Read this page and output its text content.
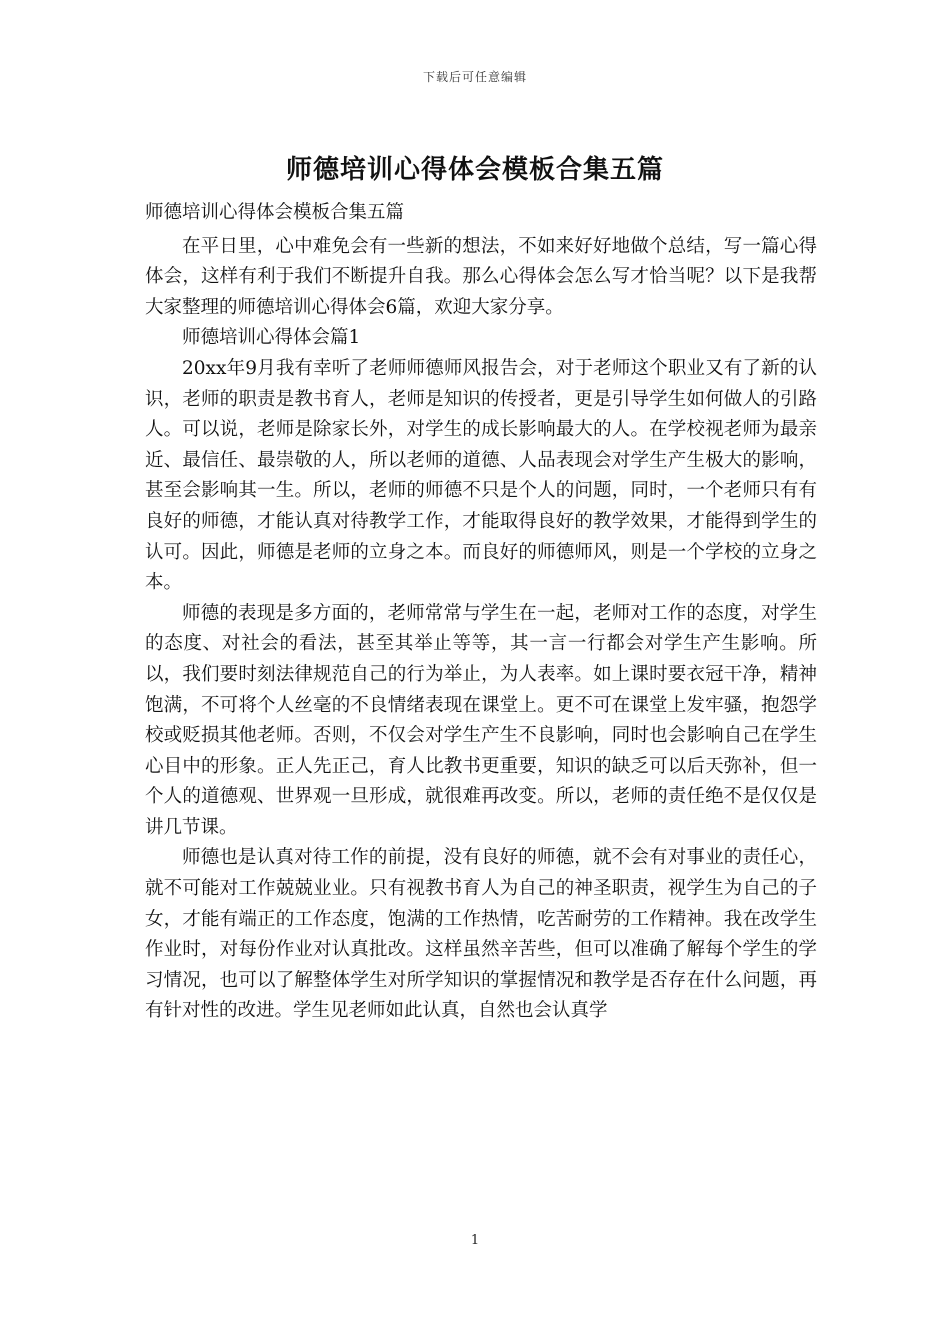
下载后可任意编辑
师德培训心得体会模板合集五篇

师德培训心得体会模板合集五篇

在平日里，心中难免会有一些新的想法，不如来好好地做个总结，写一篇心得体会，这样有利于我们不断提升自我。那么心得体会怎么写才恰当呢？以下是我帮大家整理的师德培训心得体会6篇，欢迎大家分享。

师德培训心得体会篇1

20xx年9月我有幸听了老师师德师风报告会，对于老师这个职业又有了新的认识，老师的职责是教书育人，老师是知识的传授者，更是引导学生如何做人的引路人。可以说，老师是除家长外，对学生的成长影响最大的人。在学校视老师为最亲近、最信任、最崇敬的人，所以老师的道德、人品表现会对学生产生极大的影响，甚至会影响其一生。所以，老师的师德不只是个人的问题，同时，一个老师只有有良好的师德，才能认真对待教学工作，才能取得良好的教学效果，才能得到学生的认可。因此，师德是老师的立身之本。而良好的师德师风，则是一个学校的立身之本。

师德的表现是多方面的，老师常常与学生在一起，老师对工作的态度，对学生的态度、对社会的看法，甚至其举止等等，其一言一行都会对学生产生影响。所以，我们要时刻法律规范自己的行为举止，为人表率。如上课时要衣冠干净，精神饱满，不可将个人丝毫的不良情绪表现在课堂上。更不可在课堂上发牢骚，抱怨学校或贬损其他老师。否则，不仅会对学生产生不良影响，同时也会影响自己在学生心目中的形象。正人先正己，育人比教书更重要，知识的缺乏可以后天弥补，但一个人的道德观、世界观一旦形成，就很难再改变。所以，老师的责任绝不是仅仅是讲几节课。

师德也是认真对待工作的前提，没有良好的师德，就不会有对事业的责任心，就不可能对工作兢兢业业。只有视教书育人为自己的神圣职责，视学生为自己的子女，才能有端正的工作态度，饱满的工作热情，吃苦耐劳的工作精神。我在改学生作业时，对每份作业对认真批改。这样虽然辛苦些，但可以准确了解每个学生的学习情况，也可以了解整体学生对所学知识的掌握情况和教学是否存在什么问题，再有针对性的改进。学生见老师如此认真，自然也会认真学

1
